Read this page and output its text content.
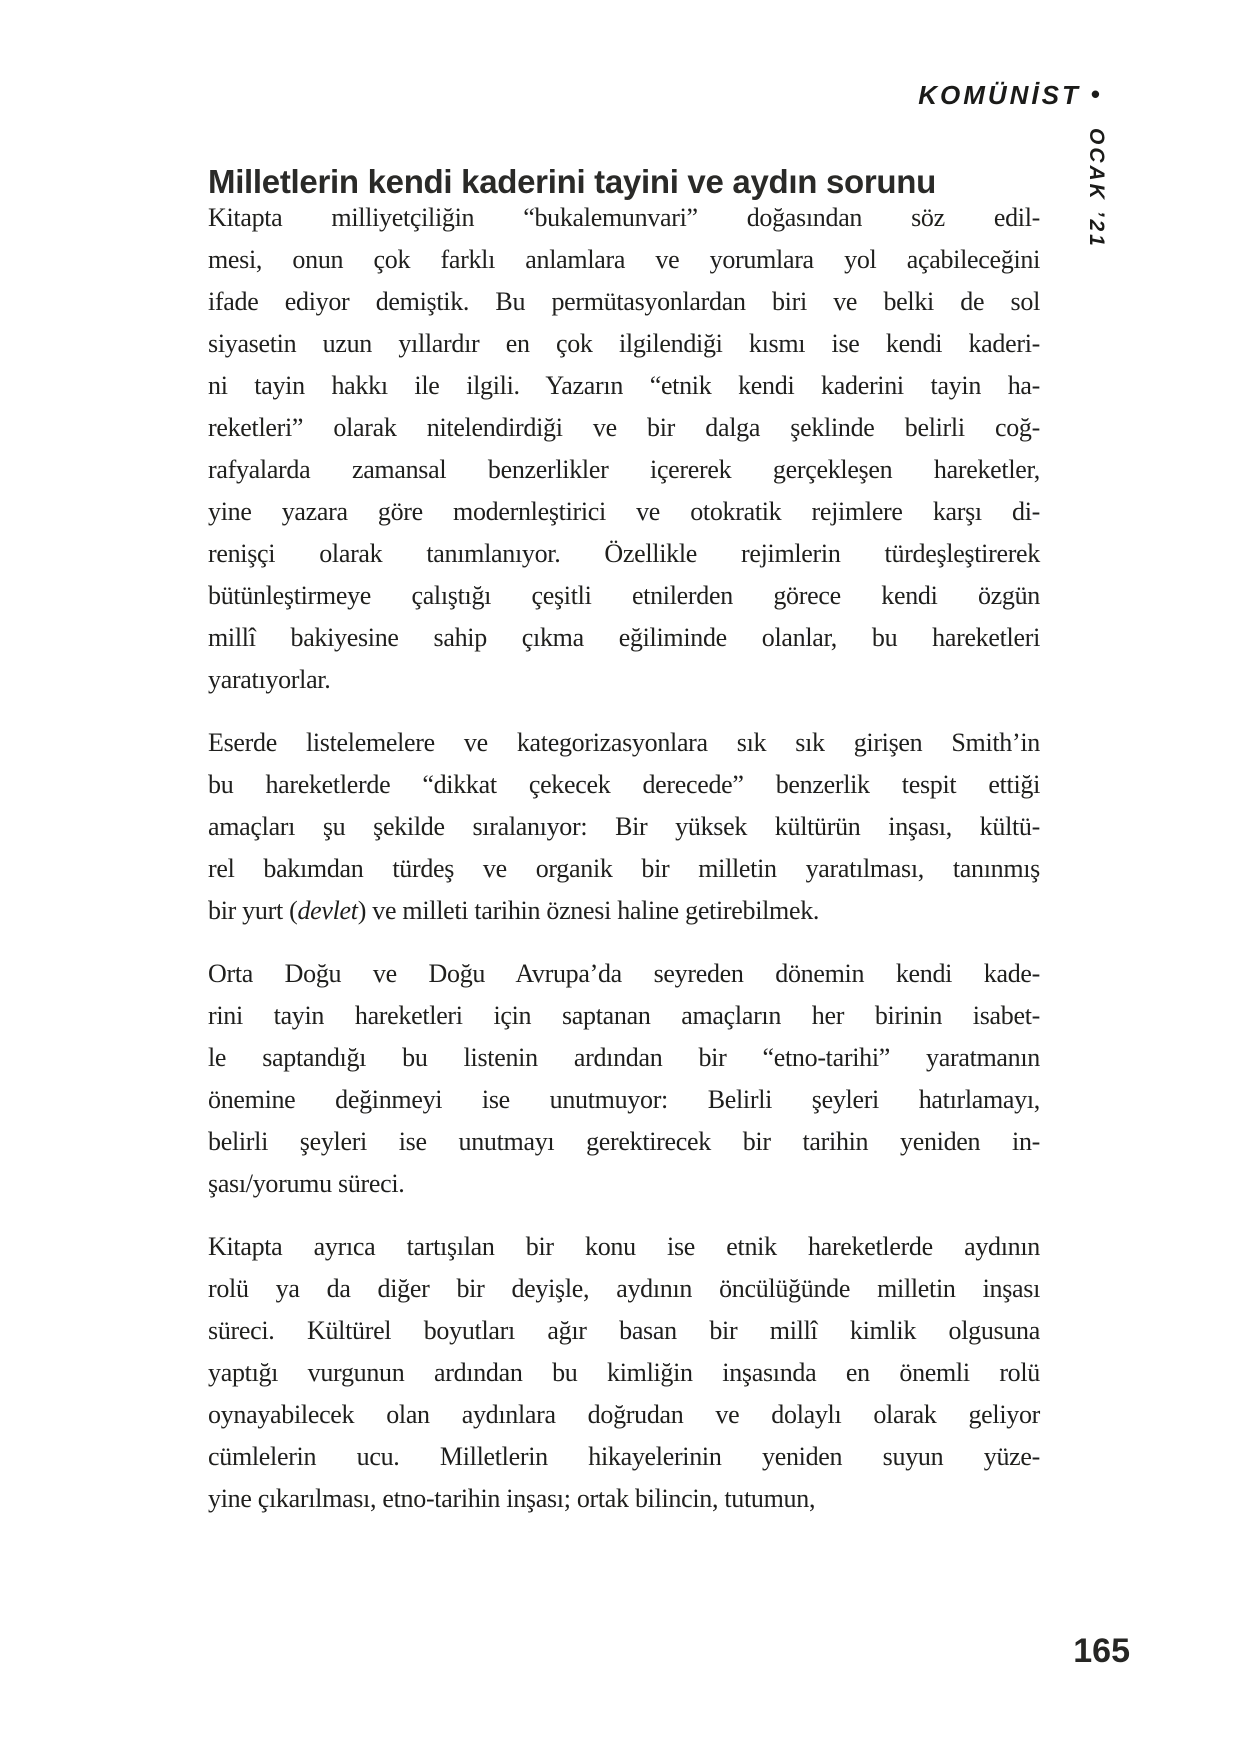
KOMÜNİST •
OCAK ’21
Milletlerin kendi kaderini tayini ve aydın sorunu
Kitapta milliyetçiliğin “bukalemunvari” doğasından söz edil-
mesi, onun çok farklı anlamlara ve yorumlara yol açabileceğini
ifade ediyor demiştik. Bu permütasyonlardan biri ve belki de sol
siyasetin uzun yıllardır en çok ilgilendiği kısmı ise kendi kaderi-
ni tayin hakkı ile ilgili. Yazarın “etnik kendi kaderini tayin ha-
reketleri” olarak nitelendirdiği ve bir dalga şeklinde belirli coğ-
rafyalarda zamansal benzerlikler içererek gerçekleşen hareketler,
yine yazara göre modernleştirici ve otokratik rejimlere karşı di-
renişçi olarak tanımlanıyor. Özellikle rejimlerin türdeşleştirerek
bütünleştirmeye çalıştığı çeşitli etnilerden görece kendi özgün
millî bakiyesine sahip çıkma eğiliminde olanlar, bu hareketleri
yaratıyorlar.
Eserde listelemelere ve kategorizasyonlara sık sık girişen Smith’in
bu hareketlerde “dikkat çekecek derecede” benzerlik tespit ettiği
amaçları şu şekilde sıralanıyor: Bir yüksek kültürün inşası, kültü-
rel bakımdan türdeş ve organik bir milletin yaratılması, tanınmış
bir yurt (devlet) ve milleti tarihin öznesi haline getirebilmek.
Orta Doğu ve Doğu Avrupa’da seyreden dönemin kendi kade-
rini tayin hareketleri için saptanan amaçların her birinin isabet-
le saptandığı bu listenin ardından bir “etno-tarihi” yaratmanın
önemine değinmeyi ise unutmuyor: Belirli şeyleri hatırlamayı,
belirli şeyleri ise unutmayı gerektirecek bir tarihin yeniden in-
şası/yorumu süreci.
Kitapta ayrıca tartışılan bir konu ise etnik hareketlerde aydının
rolü ya da diğer bir deyişle, aydının öncülüğünde milletin inşası
süreci. Kültürel boyutları ağır basan bir millî kimlik olgusuna
yaptığı vurgunun ardından bu kimliğin inşasında en önemli rolü
oynayabilecek olan aydınlara doğrudan ve dolaylı olarak geliyor
cümlelerin ucu. Milletlerin hikayelerinin yeniden suyun yüze-
yine çıkarılması, etno-tarihin inşası; ortak bilincin, tutumun,
165
